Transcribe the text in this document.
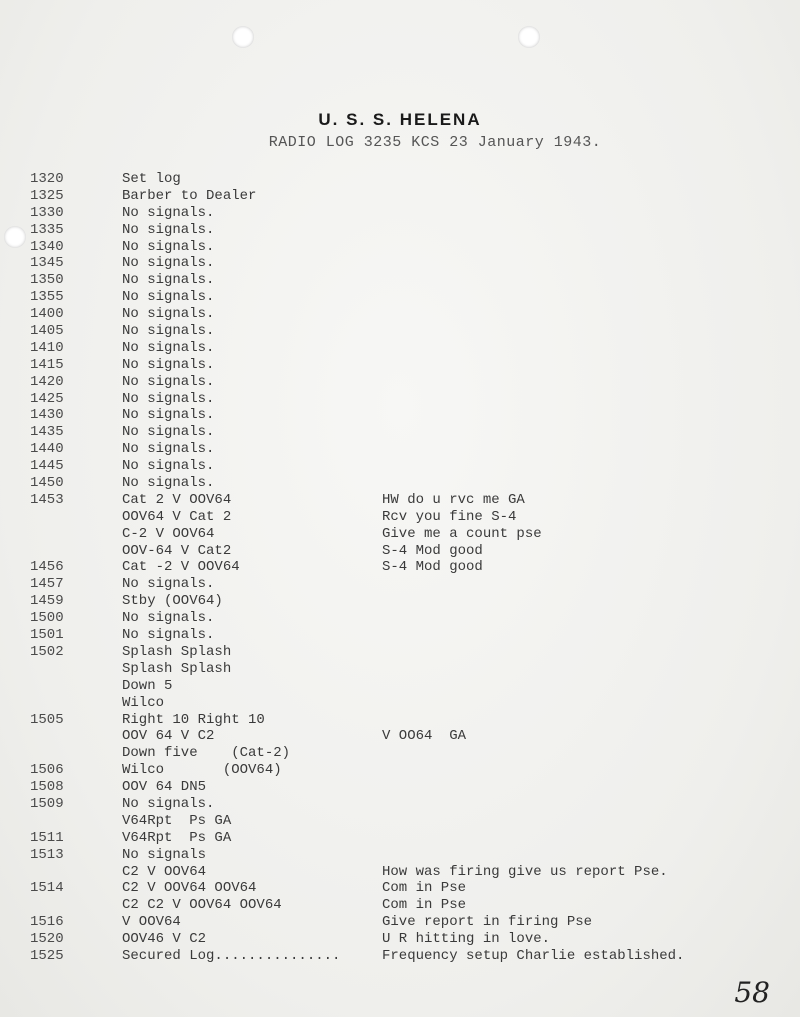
U. S. S. HELENA
RADIO LOG 3235 KCS 23 January 1943.
1320	Set log
1325	Barber to Dealer
1330	No signals.
1335	No signals.
1340	No signals.
1345	No signals.
1350	No signals.
1355	No signals.
1400	No signals.
1405	No signals.
1410	No signals.
1415	No signals.
1420	No signals.
1425	No signals.
1430	No signals.
1435	No signals.
1440	No signals.
1445	No signals.
1450	No signals.
1453	Cat 2 V OOV64	HW do u rvc me GA
OOV64 V Cat 2	Rcv you fine S-4
C-2 V OOV64	Give me a count pse
OOV-64 V Cat2	S-4 Mod good
1456	Cat -2 V OOV64	S-4 Mod good
1457	No signals.
1459	Stby (OOV64)
1500	No signals.
1501	No signals.
1502	Splash Splash
Splash Splash
Down 5
Wilco
1505	Right 10 Right 10
OOV 64 V C2	V OO64  GA
Down five    (Cat-2)
1506	Wilco       (OOV64)
1508	OOV 64 DN5
1509	No signals.
V64Rpt  Ps GA
1511	V64Rpt  Ps GA
1513	No signals
C2 V OOV64	How was firing give us report Pse.
1514	C2 V OOV64 OOV64	Com in Pse
C2 C2 V OOV64 OOV64	Com in Pse
1516	V OOV64	Give report in firing Pse
1520	OOV46 V C2	U R hitting in love.
1525	Secured Log...............	Frequency setup Charlie established.
58
